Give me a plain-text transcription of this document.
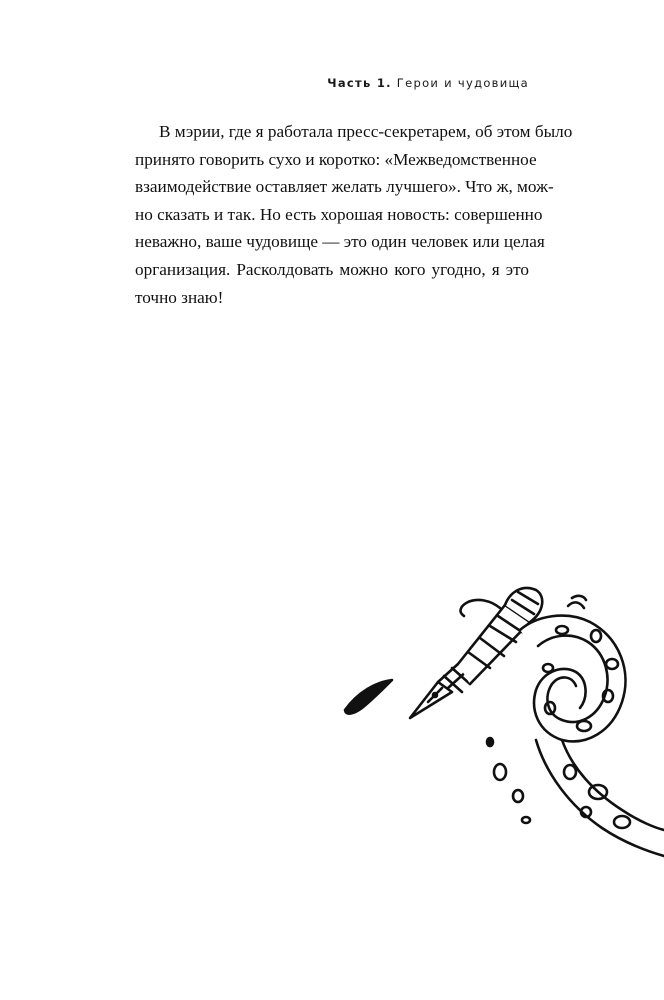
Часть 1. Герои и чудовища
В мэрии, где я работала пресс-секретарем, об этом было
принято говорить сухо и коротко: «Межведомственное
взаимодействие оставляет желать лучшего». Что ж, мож-
но сказать и так. Но есть хорошая новость: совершенно
неважно, ваше чудовище — это один человек или целая
организация. Расколдовать можно кого угодно, я это
точно знаю!
